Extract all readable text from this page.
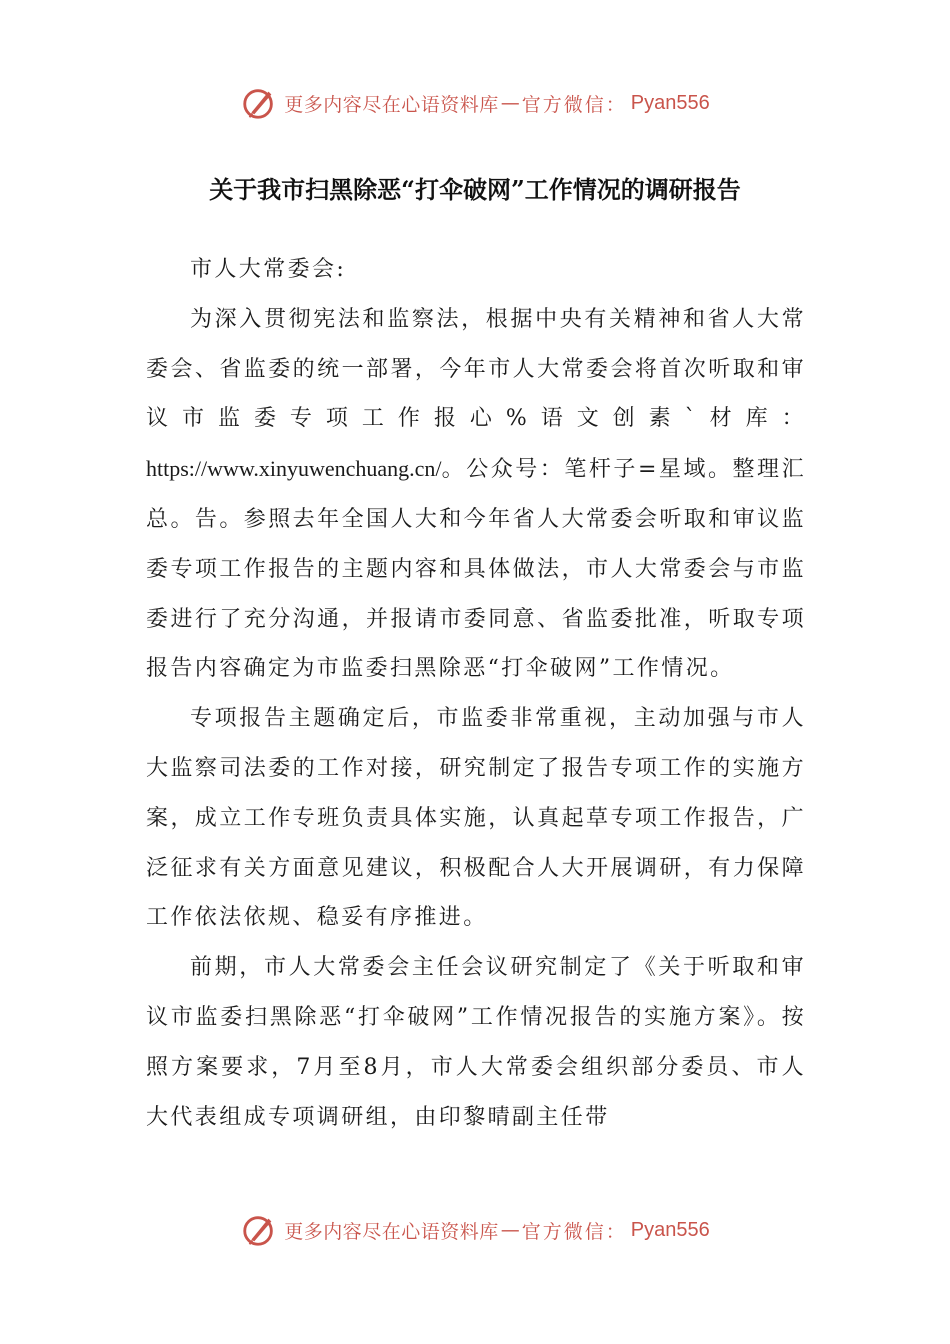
更多内容尽在心语资料库 — 官方微信： Pyan556
关于我市扫黑除恶“打伞破网”工作情况的调研报告

市人大常委会:

为深入贯彻宪法和监察法，根据中央有关精神和省人大常委会、省监委的统一部署，今年市人大常委会将首次听取和审议市监委专项工作报心%语文创素`材库：https://www.xinyuwenchuang.cn/。公众号：笔杆子=星域。整理汇总。告。参照去年全国人大和今年省人大常委会听取和审议监委专项工作报告的主题内容和具体做法，市人大常委会与市监委进行了充分沟通，并报请市委同意、省监委批准，听取专项报告内容确定为市监委扫黑除恶“打伞破网”工作情况。

专项报告主题确定后，市监委非常重视，主动加强与市人大监察司法委的工作对接，研究制定了报告专项工作的实施方案，成立工作专班负责具体实施，认真起草专项工作报告，广泛征求有关方面意见建议，积极配合人大开展调研，有力保障工作依法依规、稳妥有序推进。

前期，市人大常委会主任会议研究制定了《关于听取和审议市监委扫黑除恶“打伞破网”工作情况报告的实施方案》。按照方案要求，7月至8月，市人大常委会组织部分委员、市人大代表组成专项调研组，由印黎晴副主任带

更多内容尽在心语资料库 — 官方微信： Pyan556
